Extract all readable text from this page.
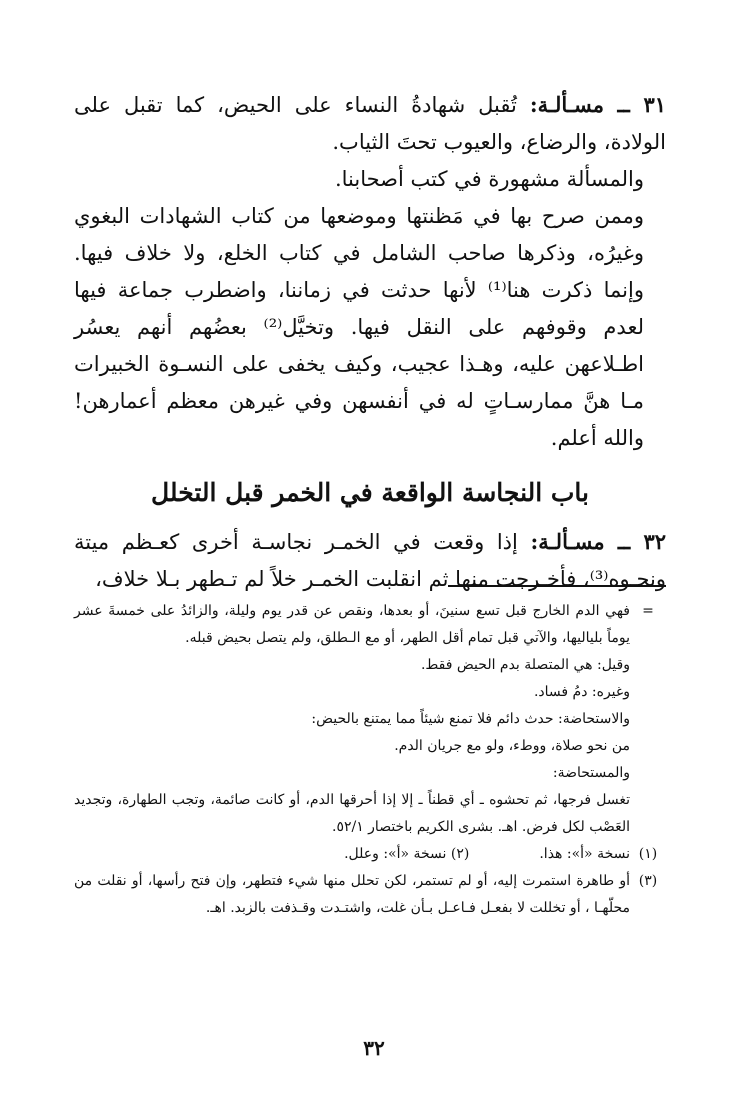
٣١ ــ مسـألـة: تُقبل شهادةُ النساء على الحيض، كما تقبل على الولادة، والرضاع، والعيوب تحتَ الثياب.

والمسألة مشهورة في كتب أصحابنا.

وممن صرح بها في مَظنتها وموضعها من كتاب الشهادات البغوي وغيرُه، وذكرها صاحب الشامل في كتاب الخلع، ولا خلاف فيها. وإنما ذكرت هنا⁽¹⁾ لأنها حدثت في زماننا، واضطرب جماعة فيها لعدم وقوفهم على النقل فيها. وتخيَّل⁽²⁾ بعضُهم أنهم يعسُر اطـلاعهن عليه، وهـذا عجيب، وكيف يخفى على النسـوة الخبيرات مـا هنَّ ممارسـاتٍ له في أنفسهن وفي غيرهن معظم أعمارهن! والله أعلم.

باب النجاسة الواقعة في الخمر قبل التخلل

٣٢ ــ مسـألـة: إذا وقعت في الخمـر نجاسـة أخرى كعـظم ميتة ونحـوه⁽³⁾، فأخـرجت منها ثم انقلبت الخمـر خلاً لم تـطهر بـلا خلاف،

=
فهي الدم الخارج قبل تسع سنينَ، أو بعدها، ونقص عن قدر يوم وليلة، والزائدُ على خمسةَ عشر يوماً بلياليها، والآتي قبل تمام أقل الطهر، أو مع الـطلق، ولم يتصل بحيض قبله.

وقيل: هي المتصلة بدم الحيض فقط.

وغيره: دمُ فساد.

والاستحاضة: حدث دائم فلا تمنع شيئاً مما يمتنع بالحيض:

من نحو صلاة، ووطء، ولو مع جريان الدم.

والمستحاضة:

تغسل فرجها، ثم تحشوه ـ أي قطناً ـ إلا إذا أحرقها الدم، أو كانت صائمة، وتجب الطهارة، وتجديد العَصْب لكل فرض. اهـ. بشرى الكريم باختصار ٥٢/١.

(١)
نسخة «أ»: هذا.
(٢) نسخة «أ»: وعلل.
(٣)
أو طاهرة استمرت إليه، أو لم تستمر، لكن تحلل منها شيء فتطهر، وإن فتح رأسها، أو نقلت من محلّهـا ، أو تخللت لا بفعـل فـاعـل بـأن غلت، واشتـدت وقـذفت بالزبد. اهـ.
٣٢
